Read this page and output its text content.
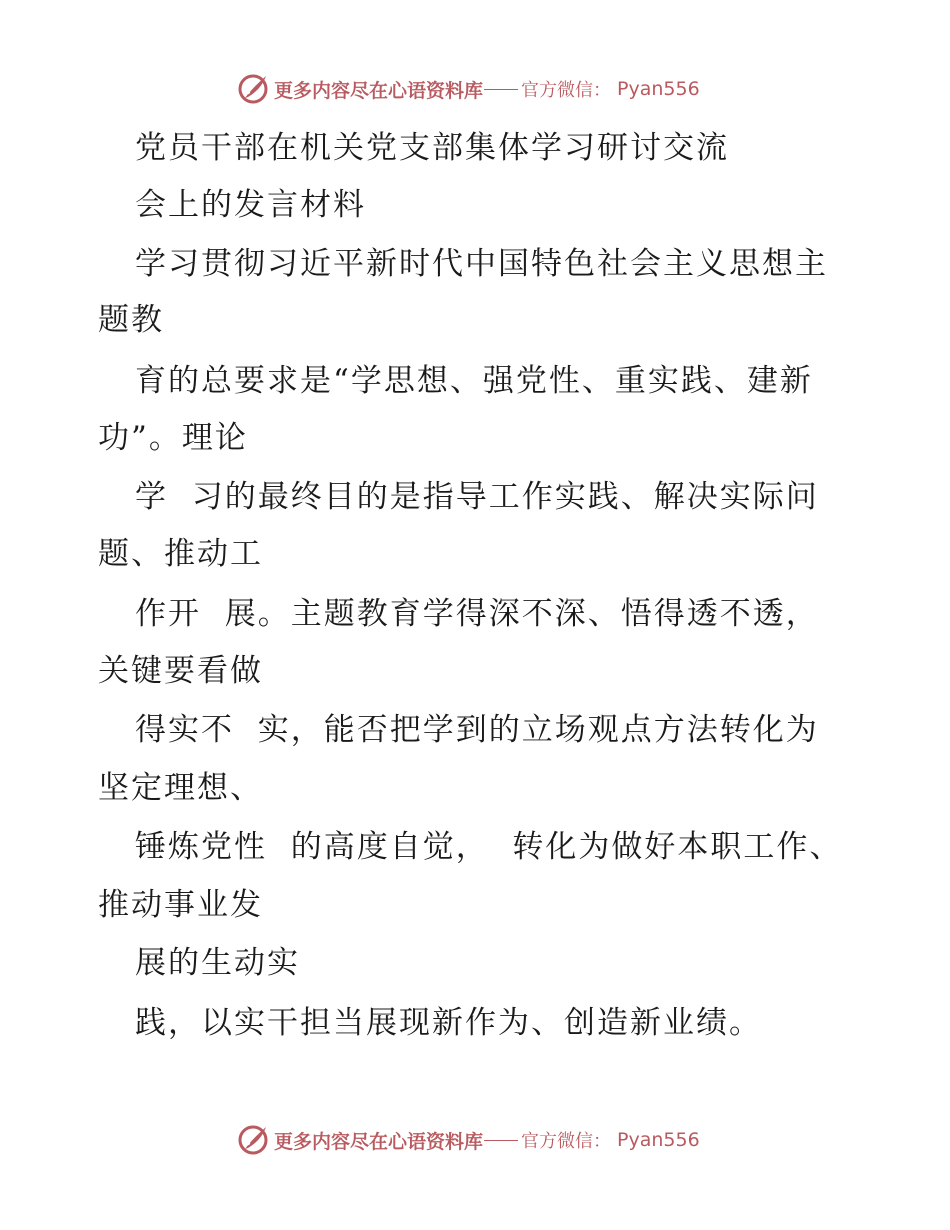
更多内容尽在心语资料库 官方微信 ： Pyan556
党员干部在机关党支部集体学习研讨交流
会上的发言材料
学习贯彻习近平新时代中国特色社会主义思想主
题教
育的总要求是“学思想、强党性、重实践、建新
功”。理论
学  习的最终目的是指导工作实践、解决实际问
题、推动工
作开  展。主题教育学得深不深、悟得透不透，
关键要看做
得实不  实，能否把学到的立场观点方法转化为
坚定理想、
锤炼党性  的高度自觉，  转化为做好本职工作、
推动事业发
展的生动实
践，以实干担当展现新作为、创造新业绩。
更多内容尽在心语资料库 官方微信 ： Pyan556
